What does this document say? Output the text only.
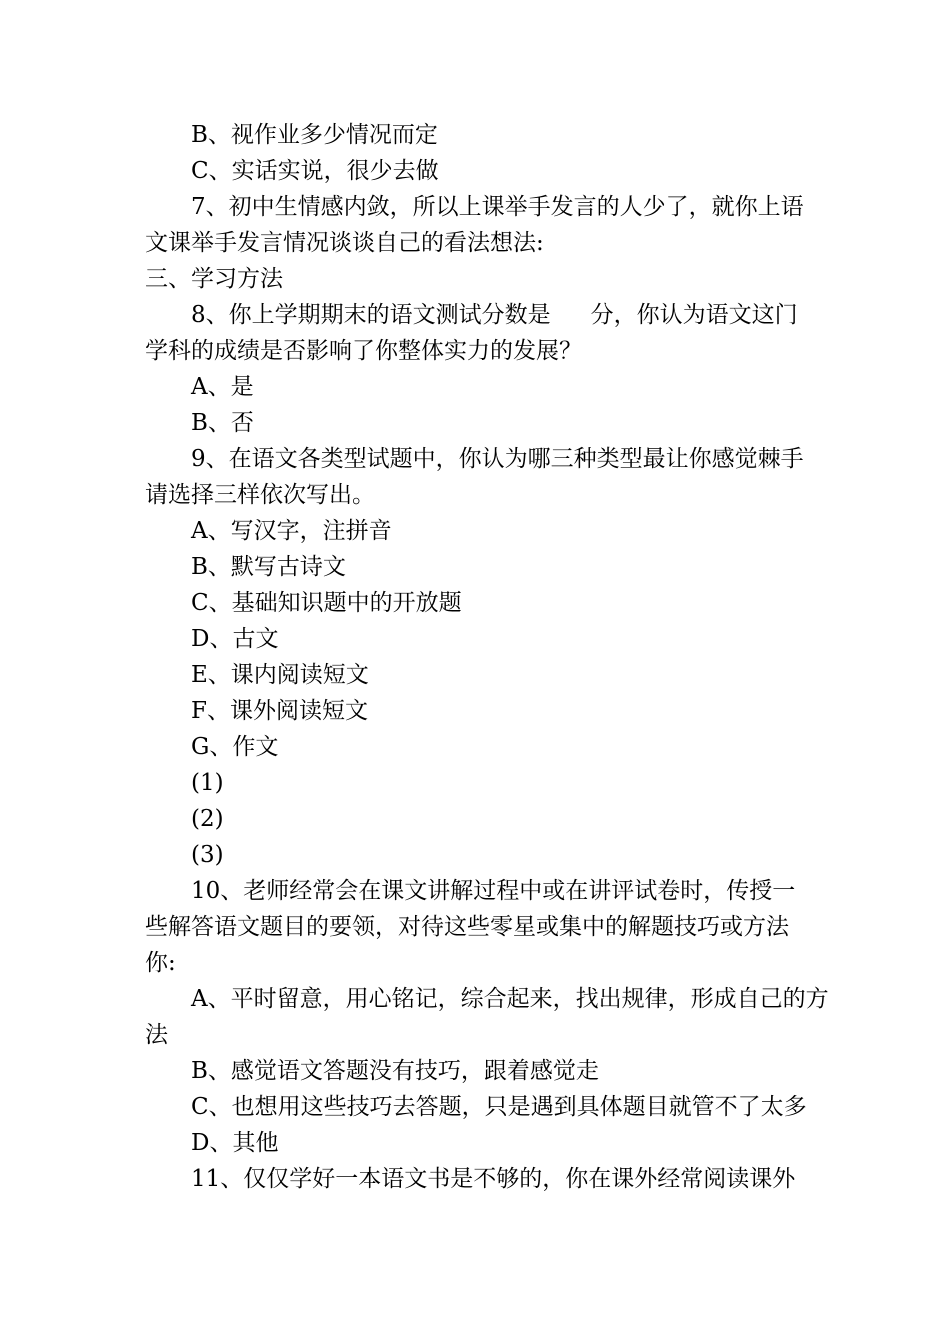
B、视作业多少情况而定
C、实话实说，很少去做
7、初中生情感内敛，所以上课举手发言的人少了，就你上语
文课举手发言情况谈谈自己的看法想法:
三、学习方法
8、你上学期期末的语文测试分数是 分，你认为语文这门
学科的成绩是否影响了你整体实力的发展？
A、是
B、否
9、在语文各类型试题中，你认为哪三种类型最让你感觉棘手
请选择三样依次写出。
A、写汉字，注拼音
B、默写古诗文
C、基础知识题中的开放题
D、古文
E、课内阅读短文
F、课外阅读短文
G、作文
(1)
(2)
(3)
10、老师经常会在课文讲解过程中或在讲评试卷时，传授一
些解答语文题目的要领，对待这些零星或集中的解题技巧或方法
你:
A、平时留意，用心铭记，综合起来，找出规律，形成自己的方
法
B、感觉语文答题没有技巧，跟着感觉走
C、也想用这些技巧去答题，只是遇到具体题目就管不了太多
D、其他
11、仅仅学好一本语文书是不够的，你在课外经常阅读课外
